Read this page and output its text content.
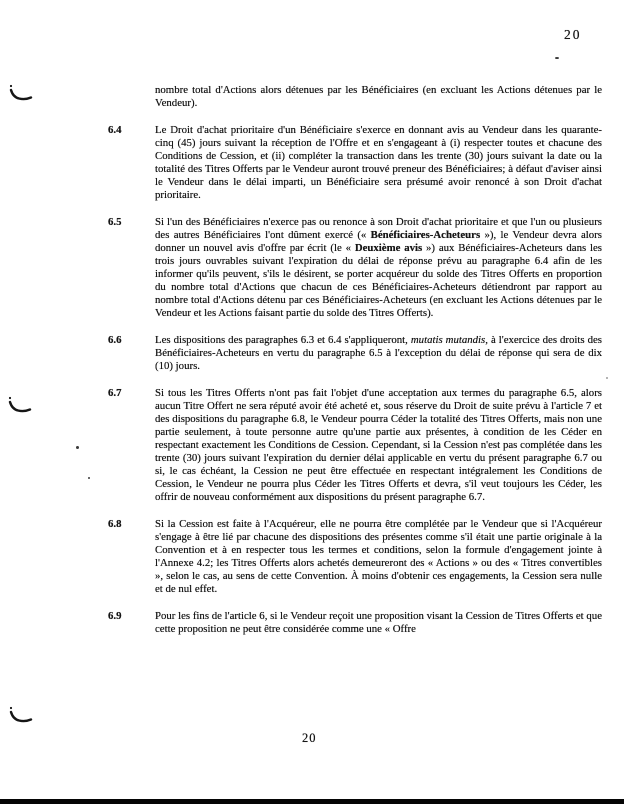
20
nombre total d'Actions alors détenues par les Bénéficiaires (en excluant les Actions détenues par le Vendeur).
6.4	Le Droit d'achat prioritaire d'un Bénéficiaire s'exerce en donnant avis au Vendeur dans les quarante-cinq (45) jours suivant la réception de l'Offre et en s'engageant à (i) respecter toutes et chacune des Conditions de Cession, et (ii) compléter la transaction dans les trente (30) jours suivant la date ou la totalité des Titres Offerts par le Vendeur auront trouvé preneur des Bénéficiaires; à défaut d'aviser ainsi le Vendeur dans le délai imparti, un Bénéficiaire sera présumé avoir renoncé à son Droit d'achat prioritaire.
6.5	Si l'un des Bénéficiaires n'exerce pas ou renonce à son Droit d'achat prioritaire et que l'un ou plusieurs des autres Bénéficiaires l'ont dûment exercé (« Bénéficiaires-Acheteurs »), le Vendeur devra alors donner un nouvel avis d'offre par écrit (le « Deuxième avis ») aux Bénéficiaires-Acheteurs dans les trois jours ouvrables suivant l'expiration du délai de réponse prévu au paragraphe 6.4 afin de les informer qu'ils peuvent, s'ils le désirent, se porter acquéreur du solde des Titres Offerts en proportion du nombre total d'Actions que chacun de ces Bénéficiaires-Acheteurs détiendront par rapport au nombre total d'Actions détenu par ces Bénéficiaires-Acheteurs (en excluant les Actions détenues par le Vendeur et les Actions faisant partie du solde des Titres Offerts).
6.6	Les dispositions des paragraphes 6.3 et 6.4 s'appliqueront, mutatis mutandis, à l'exercice des droits des Bénéficiaires-Acheteurs en vertu du paragraphe 6.5 à l'exception du délai de réponse qui sera de dix (10) jours.
6.7	Si tous les Titres Offerts n'ont pas fait l'objet d'une acceptation aux termes du paragraphe 6.5, alors aucun Titre Offert ne sera réputé avoir été acheté et, sous réserve du Droit de suite prévu à l'article 7 et des dispositions du paragraphe 6.8, le Vendeur pourra Céder la totalité des Titres Offerts, mais non une partie seulement, à toute personne autre qu'une partie aux présentes, à condition de les Céder en respectant exactement les Conditions de Cession. Cependant, si la Cession n'est pas complétée dans les trente (30) jours suivant l'expiration du dernier délai applicable en vertu du présent paragraphe 6.7 ou si, le cas échéant, la Cession ne peut être effectuée en respectant intégralement les Conditions de Cession, le Vendeur ne pourra plus Céder les Titres Offerts et devra, s'il veut toujours les Céder, les offrir de nouveau conformément aux dispositions du présent paragraphe 6.7.
6.8	Si la Cession est faite à l'Acquéreur, elle ne pourra être complétée par le Vendeur que si l'Acquéreur s'engage à être lié par chacune des dispositions des présentes comme s'il était une partie originale à la Convention et à en respecter tous les termes et conditions, selon la formule d'engagement jointe à l'Annexe 4.2; les Titres Offerts alors achetés demeureront des « Actions » ou des « Titres convertibles », selon le cas, au sens de cette Convention. À moins d'obtenir ces engagements, la Cession sera nulle et de nul effet.
6.9	Pour les fins de l'article 6, si le Vendeur reçoit une proposition visant la Cession de Titres Offerts et que cette proposition ne peut être considérée comme une « Offre
20
